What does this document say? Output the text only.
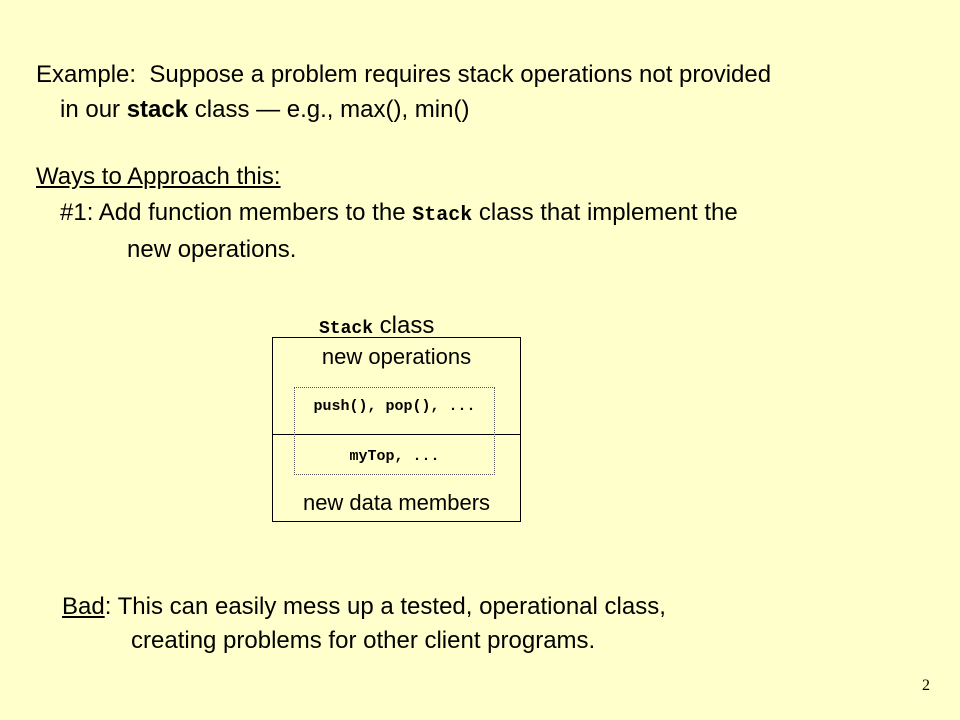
Example: Suppose a problem requires stack operations not provided
in our stack class — e.g., max(), min()
Ways to Approach this:
#1: Add function members to the Stack class that implement the
new operations.
Stack class
new operations
push(), pop(), ...
myTop, ...
new data members
Bad: This can easily mess up a tested, operational class,
creating problems for other client programs.
2
